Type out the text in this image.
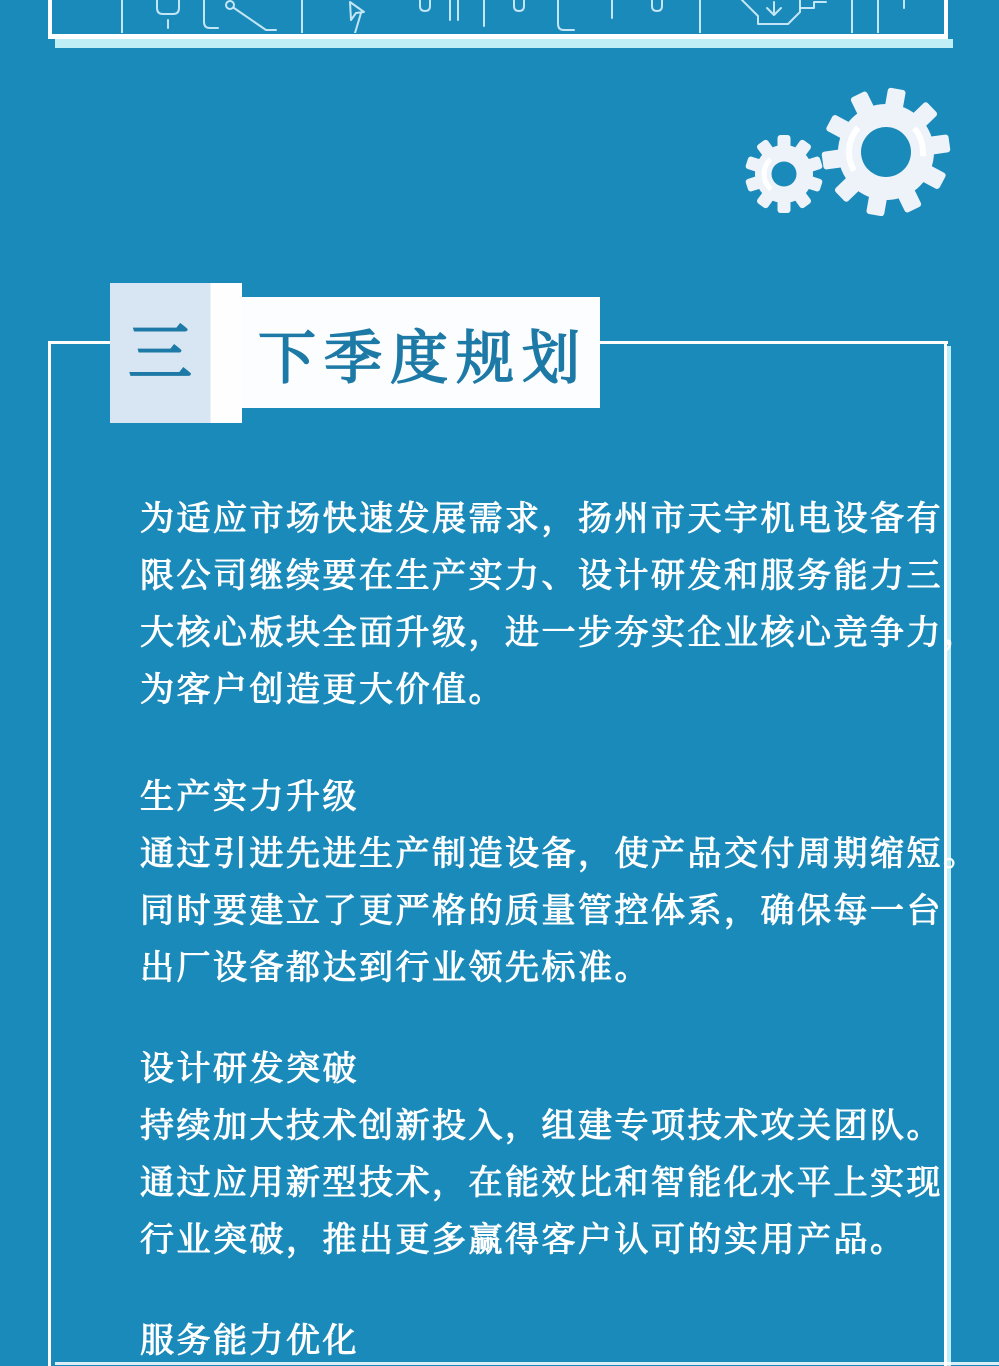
三	下季度规划
为适应市场快速发展需求，扬州市天宇机电设备有
限公司继续要在生产实力、设计研发和服务能力三
大核心板块全面升级，进一步夯实企业核心竞争力，
为客户创造更大价值。
生产实力升级
通过引进先进生产制造设备，使产品交付周期缩短。
同时要建立了更严格的质量管控体系，确保每一台
出厂设备都达到行业领先标准。
设计研发突破
持续加大技术创新投入，组建专项技术攻关团队。
通过应用新型技术，在能效比和智能化水平上实现
行业突破，推出更多赢得客户认可的实用产品。
服务能力优化
